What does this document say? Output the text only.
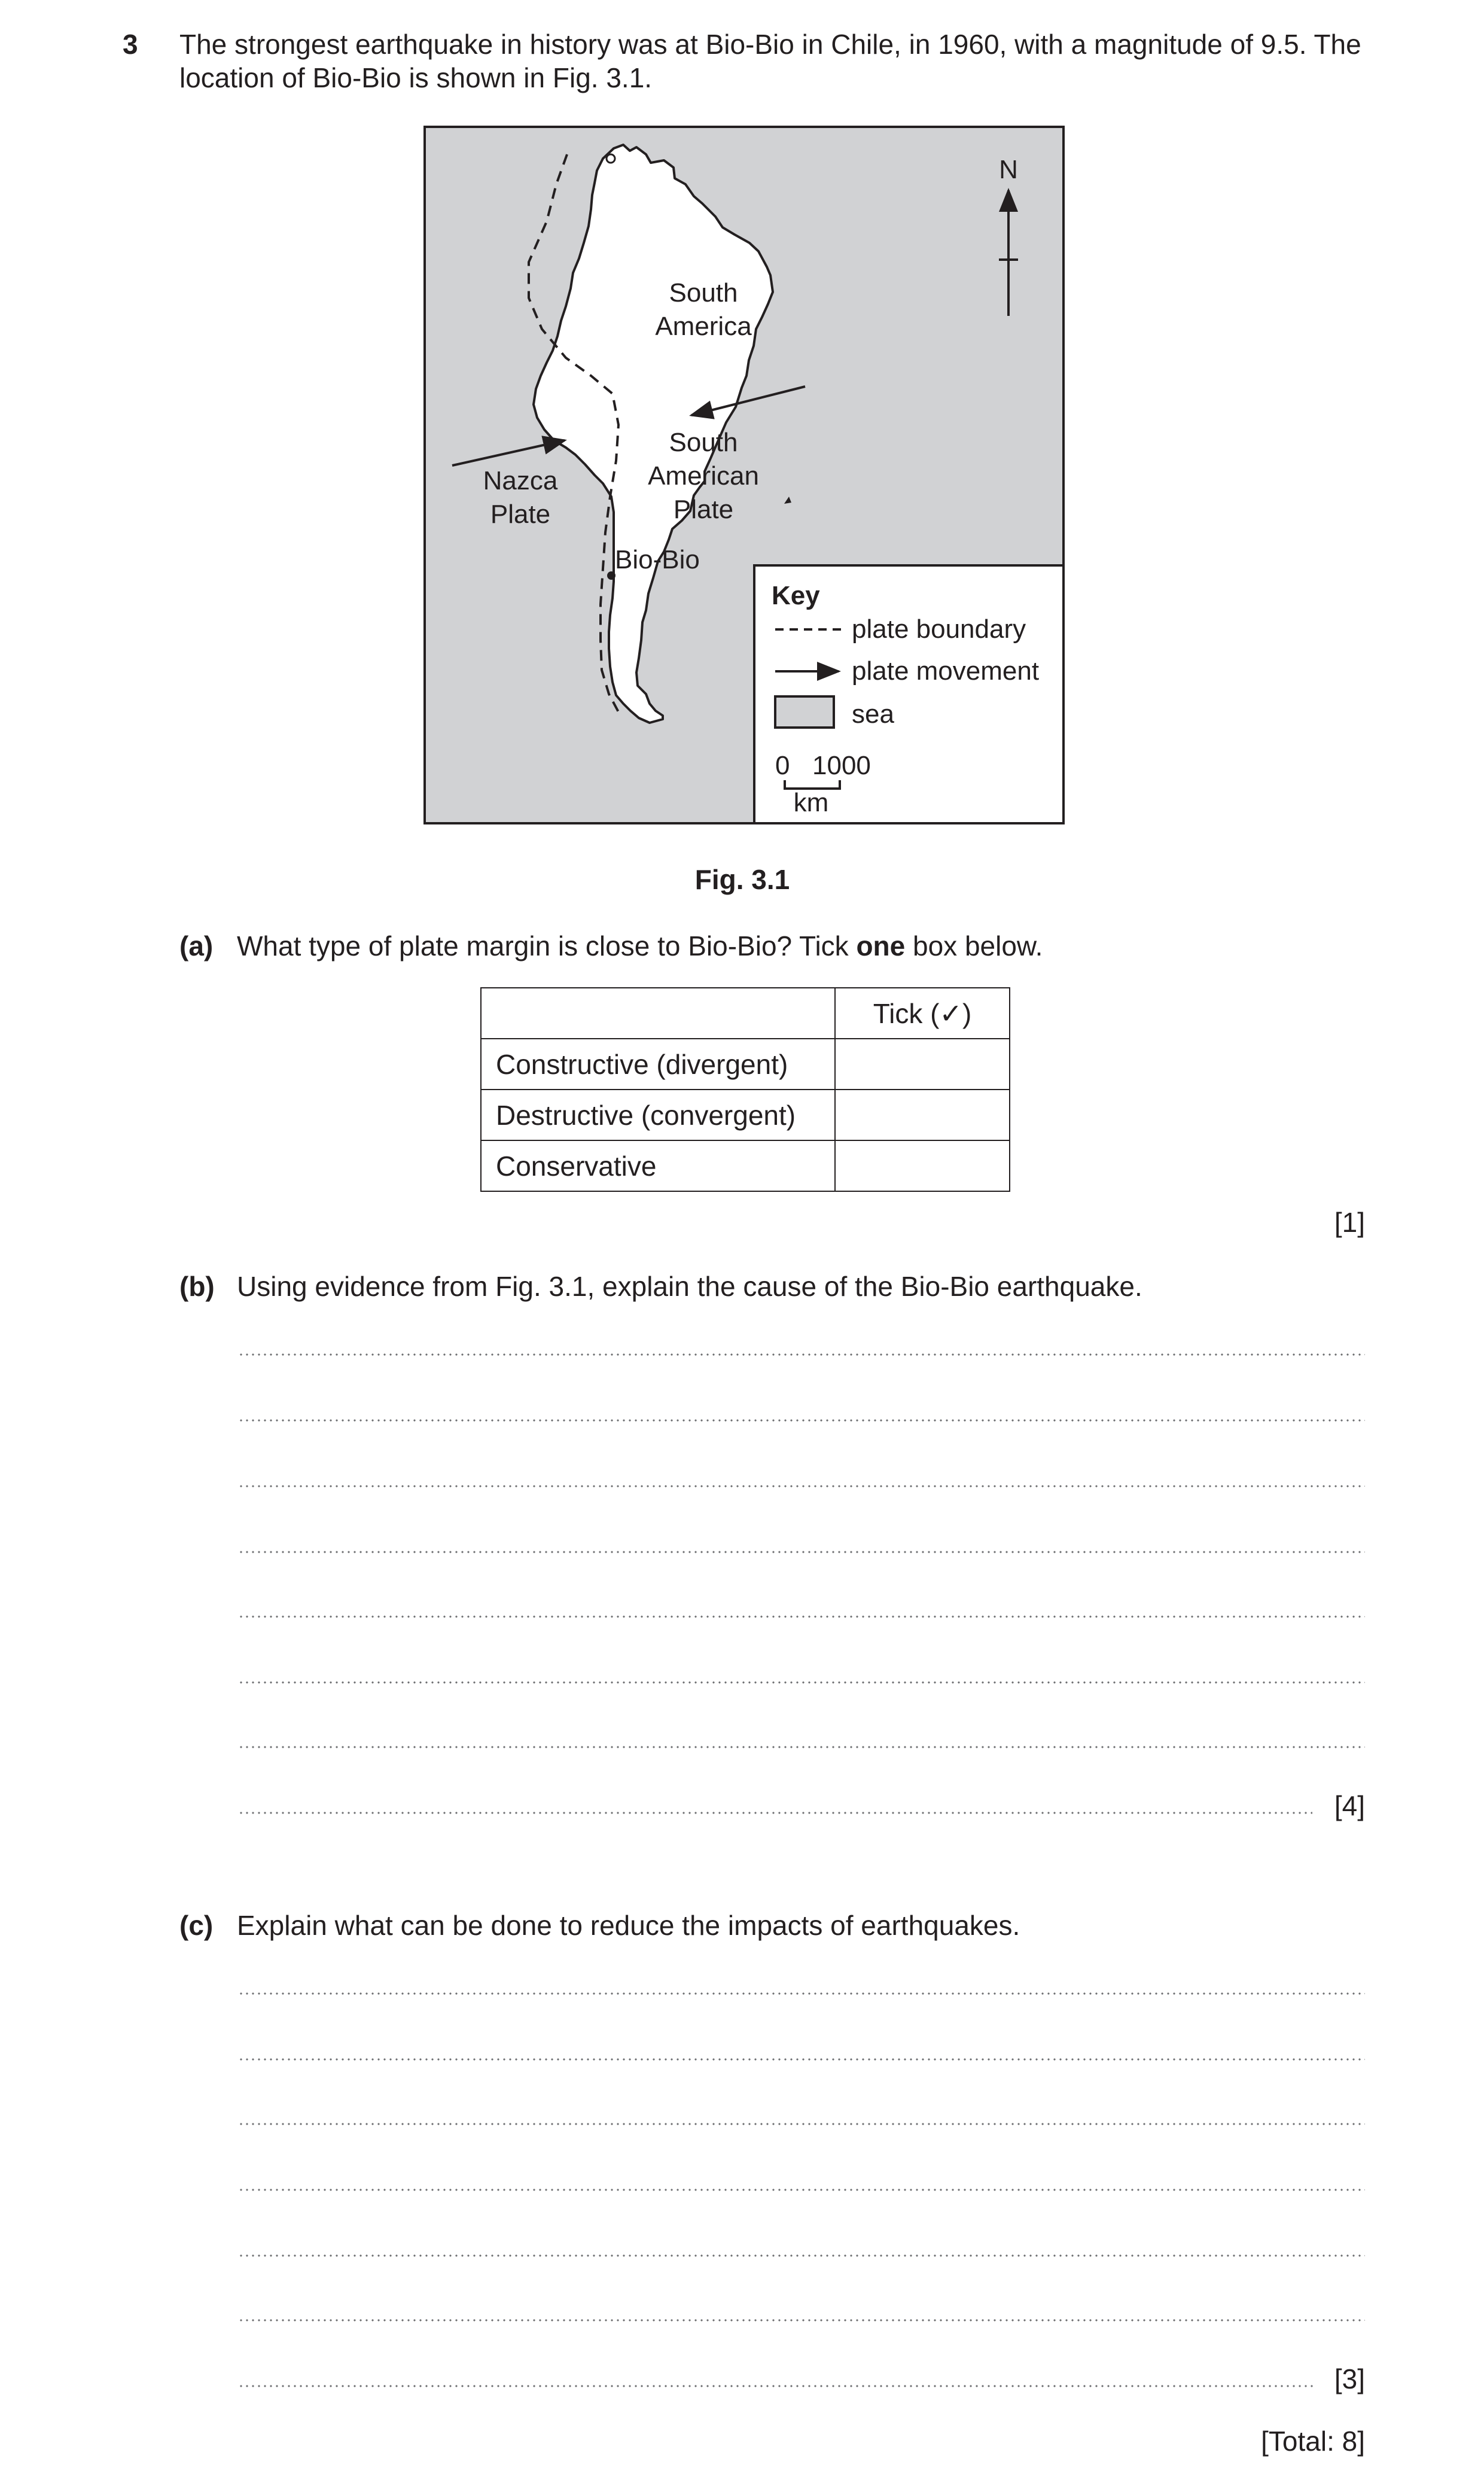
3 The strongest earthquake in history was at Bio-Bio in Chile, in 1960, with a magnitude of 9.5. The
location of Bio-Bio is shown in Fig. 3.1.
N
South
America
South
American
Plate
Nazca
Plate
Bio-Bio
Key
plate boundary
plate movement
sea
0 1000
km
Fig. 3.1
(a) What type of plate margin is close to Bio-Bio? Tick one box below.
	Tick (✓)
Constructive (divergent)	
Destructive (convergent)	
Conservative	
[1]
(b) Using evidence from Fig. 3.1, explain the cause of the Bio-Bio earthquake.
[4]
(c) Explain what can be done to reduce the impacts of earthquakes.
[3]
[Total: 8]
